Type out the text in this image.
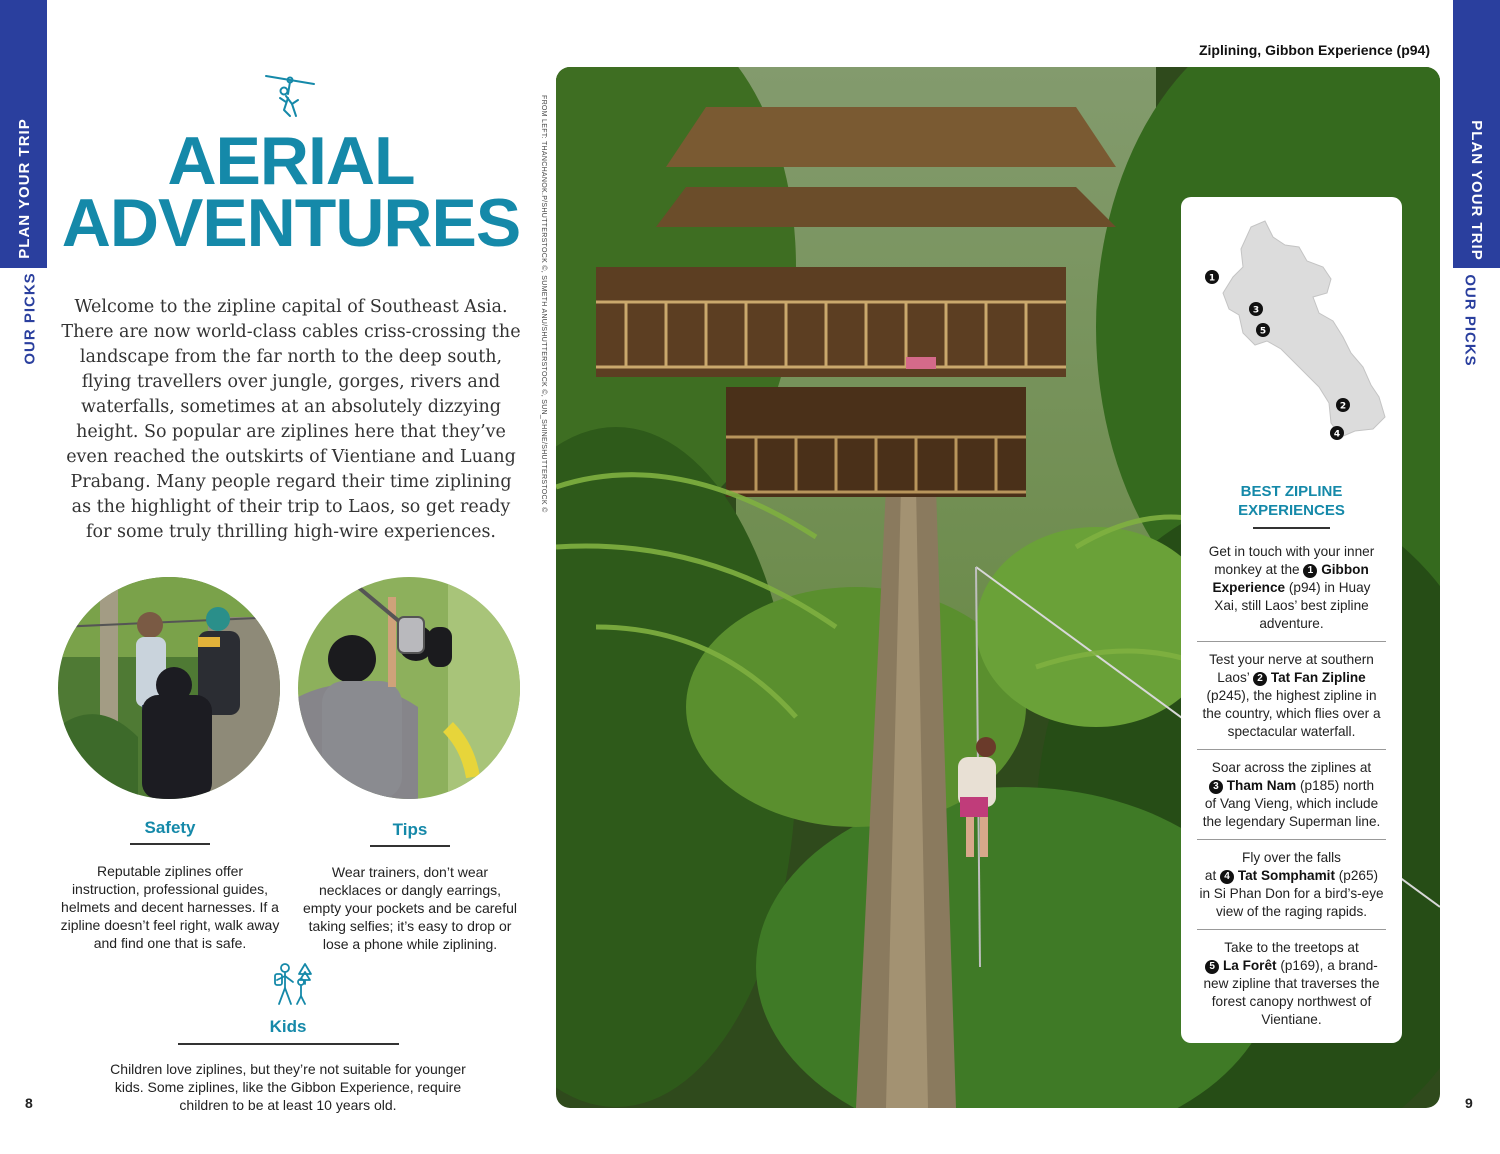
PLAN YOUR TRIP
OUR PICKS
PLAN YOUR TRIP
OUR PICKS
8	9
AERIAL
ADVENTURES
Welcome to the zipline capital of Southeast Asia.
There are now world-class cables criss-crossing the
landscape from the far north to the deep south,
flying travellers over jungle, gorges, rivers and
waterfalls, sometimes at an absolutely dizzying
height. So popular are ziplines here that they’ve
even reached the outskirts of Vientiane and Luang
Prabang. Many people regard their time ziplining
as the highlight of their trip to Laos, so get ready
for some truly thrilling high-wire experiences.
Safety
Reputable ziplines offer
instruction, professional guides,
helmets and decent harnesses. If a
zipline doesn’t feel right, walk away
and find one that is safe.
Tips
Wear trainers, don’t wear
necklaces or dangly earrings,
empty your pockets and be careful
taking selfies; it’s easy to drop or
lose a phone while ziplining.
Kids
Children love ziplines, but they’re not suitable for younger
kids. Some ziplines, like the Gibbon Experience, require
children to be at least 10 years old.
Ziplining, Gibbon Experience (p94)
FROM LEFT: THANCHANOK.P/SHUTTERSTOCK ©, SUMETH ANU/SHUTTERSTOCK ©, SUN_SHINE/SHUTTERSTOCK ©	1
3
5
2
4
BEST ZIPLINE
EXPERIENCES
Get in touch with your inner
monkey at the 1 Gibbon
Experience (p94) in Huay
Xai, still Laos’ best zipline
adventure.
Test your nerve at southern
Laos’ 2 Tat Fan Zipline
(p245), the highest zipline in
the country, which flies over a
spectacular waterfall.
Soar across the ziplines at
3 Tham Nam (p185) north
of Vang Vieng, which include
the legendary Superman line.
Fly over the falls
at 4 Tat Somphamit (p265)
in Si Phan Don for a bird’s-eye
view of the raging rapids.
Take to the treetops at
5 La Forêt (p169), a brand-
new zipline that traverses the
forest canopy northwest of
Vientiane.
